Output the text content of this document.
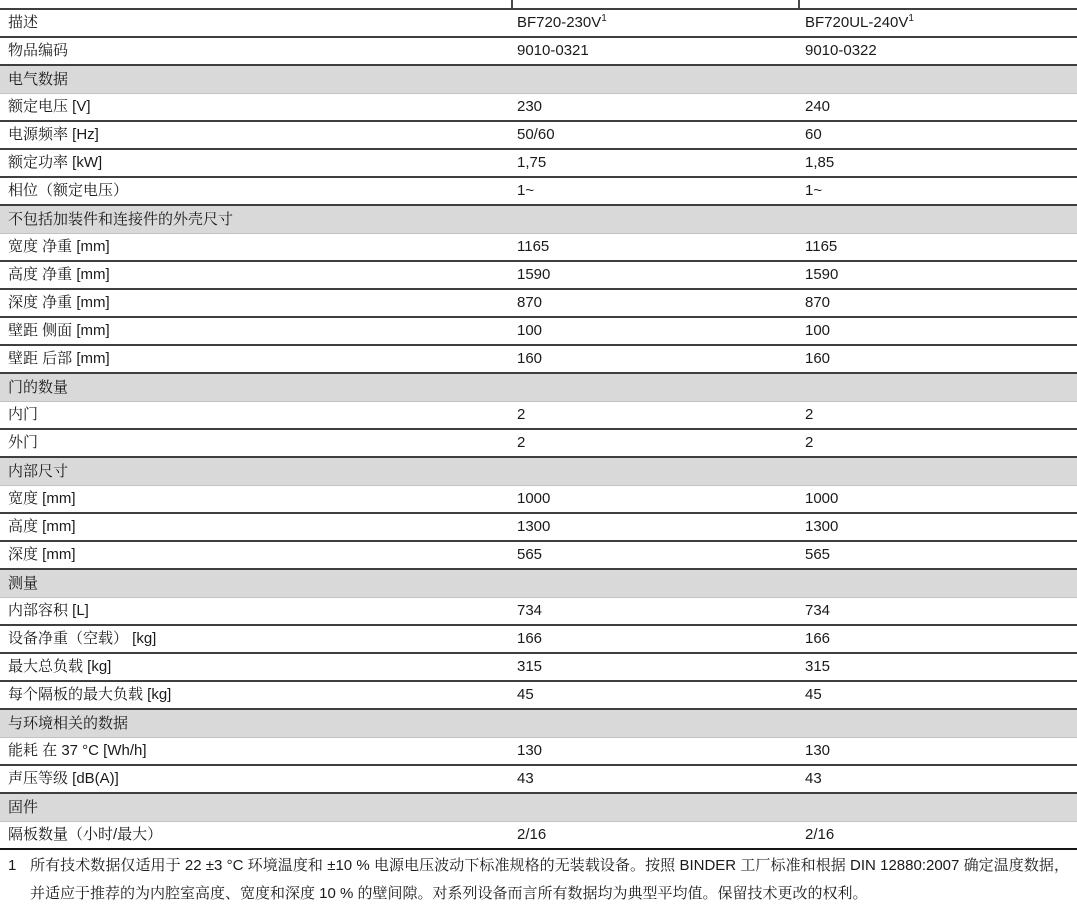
描述	$BF720-230V^1$	$BF720UL-240V^1$
物品编码	9010-0321	9010-0322
电气数据
额定电压 [V]	230	240
电源频率 [Hz]	50/60	60
额定功率 [kW]	1,75	1,85
相位（额定电压）	1~	1~
不包括加装件和连接件的外壳尺寸
宽度 净重 [mm]	1165	1165
高度 净重 [mm]	1590	1590
深度 净重 [mm]	870	870
壁距 侧面 [mm]	100	100
壁距 后部 [mm]	160	160
门的数量
内门	2	2
外门	2	2
内部尺寸
宽度 [mm]	1000	1000
高度 [mm]	1300	1300
深度 [mm]	565	565
测量
内部容积 [L]	734	734
设备净重（空载） [kg]	166	166
最大总负载 [kg]	315	315
每个隔板的最大负载 [kg]	45	45
与环境相关的数据
能耗 在 37 °C [Wh/h]	130	130
声压等级 [dB(A)]	43	43
固件
隔板数量（小时/最大）	2/16	2/16
1 所有技术数据仅适用于 22 ±3 °C 环境温度和 ±10 % 电源电压波动下标准规格的无装载设备。按照 BINDER 工厂标准和根据 DIN 12880:2007 确定温度数据，并适应于推荐的为内腔室高度、宽度和深度 10 % 的壁间隙。对系列设备而言所有数据均为典型平均值。保留技术更改的权利。
